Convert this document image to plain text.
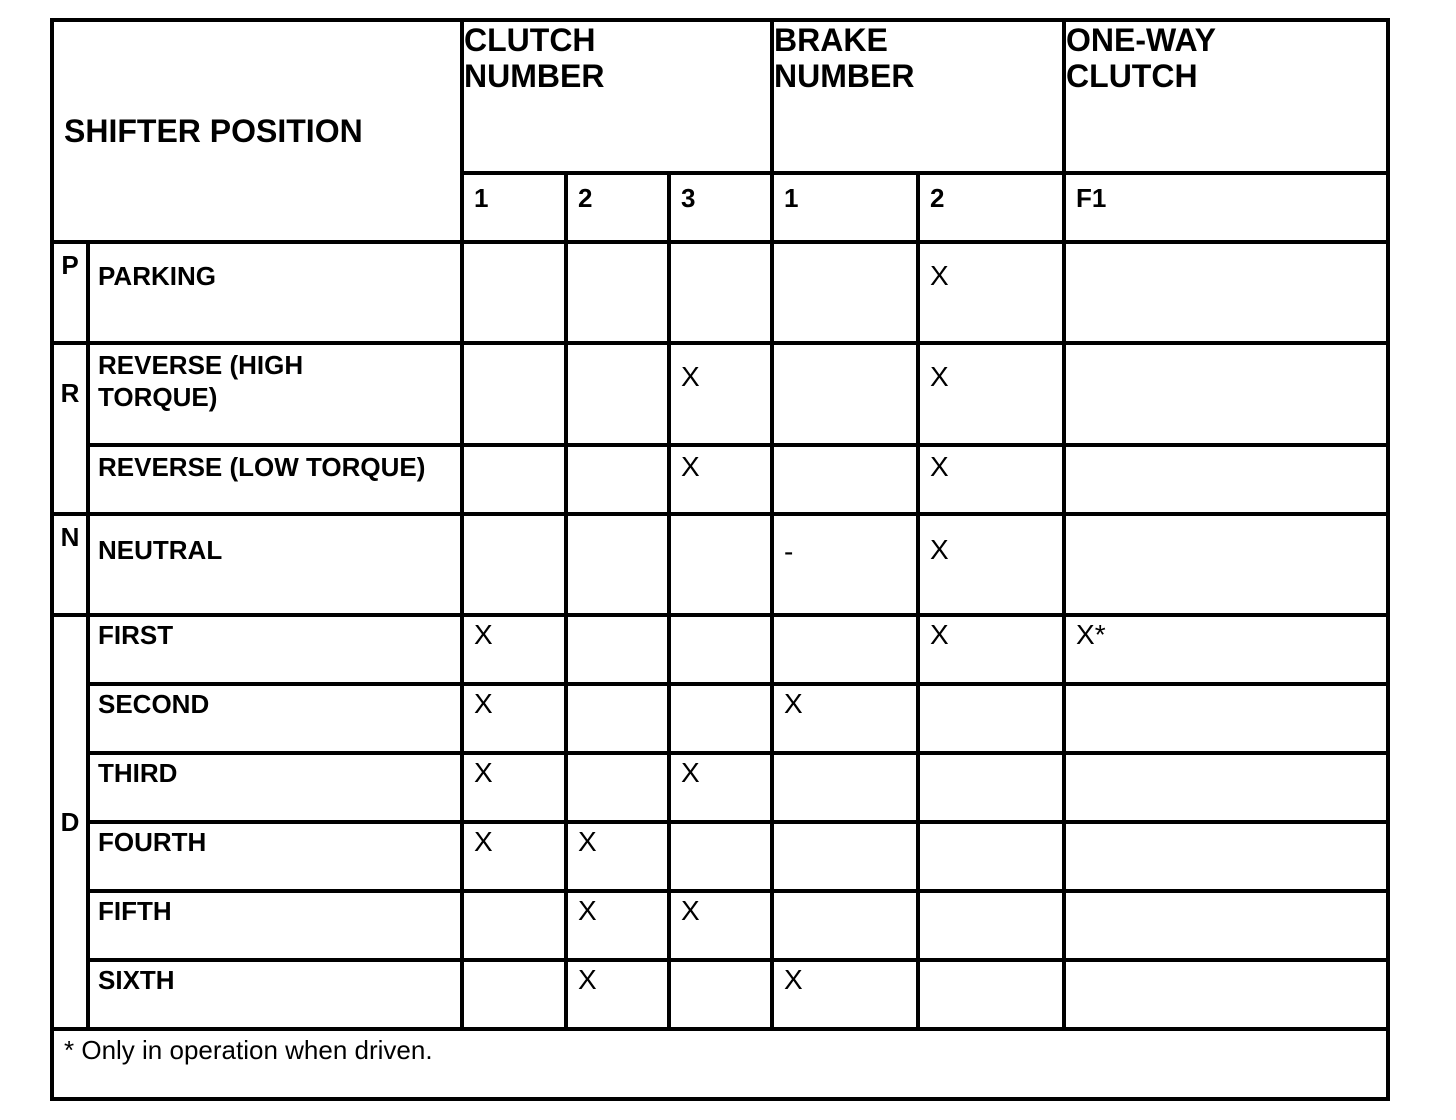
SHIFTER POSITION		CLUTCH NUMBER			BRAKE NUMBER		ONE-WAY CLUTCH
		1	2	3	1	2	F1
P	PARKING					X	
R	REVERSE (HIGH TORQUE)			X		X	
	REVERSE (LOW TORQUE)			X		X	
N	NEUTRAL				-	X	
D	FIRST	X				X	X*
	SECOND	X			X		
	THIRD	X		X			
	FOURTH	X	X				
	FIFTH		X	X			
	SIXTH		X		X		
* Only in operation when driven.							
